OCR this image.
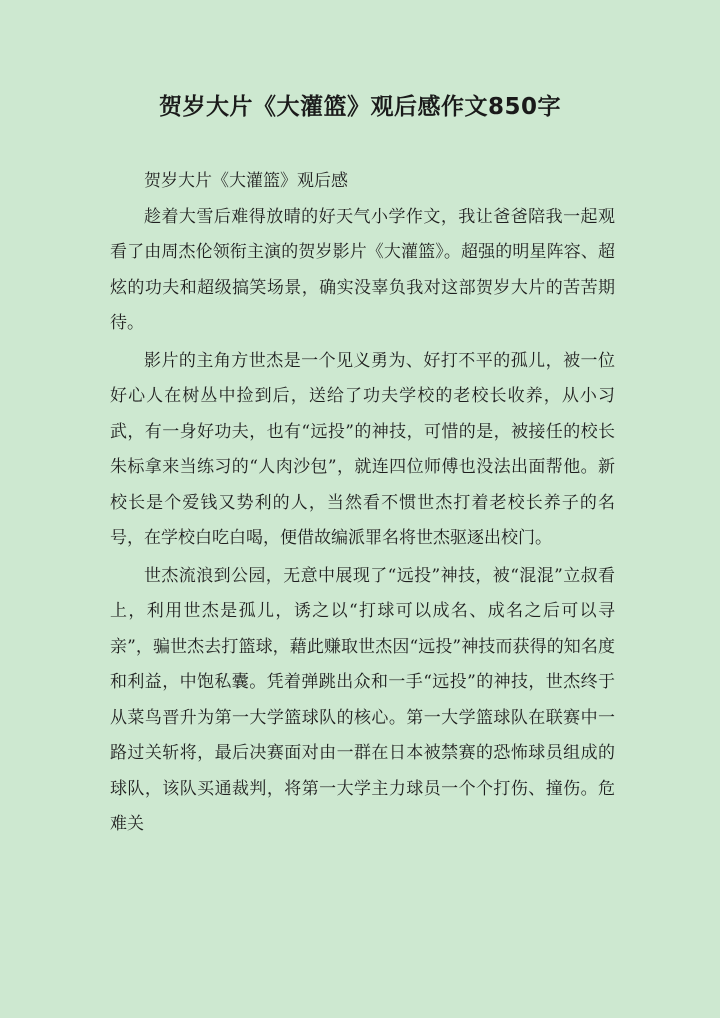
贺岁大片《大灌篮》观后感作文850字

贺岁大片《大灌篮》观后感

趁着大雪后难得放晴的好天气小学作文，我让爸爸陪我一起观看了由周杰伦领衔主演的贺岁影片《大灌篮》。超强的明星阵容、超炫的功夫和超级搞笑场景，确实没辜负我对这部贺岁大片的苦苦期待。

影片的主角方世杰是一个见义勇为、好打不平的孤儿，被一位好心人在树丛中捡到后，送给了功夫学校的老校长收养，从小习武，有一身好功夫，也有“远投”的神技，可惜的是，被接任的校长朱标拿来当练习的“人肉沙包”，就连四位师傅也没法出面帮他。新校长是个爱钱又势利的人，当然看不惯世杰打着老校长养子的名号，在学校白吃白喝，便借故编派罪名将世杰驱逐出校门。

世杰流浪到公园，无意中展现了“远投”神技，被“混混”立叔看上，利用世杰是孤儿，诱之以“打球可以成名、成名之后可以寻亲”，骗世杰去打篮球，藉此赚取世杰因“远投”神技而获得的知名度和利益，中饱私囊。凭着弹跳出众和一手“远投”的神技，世杰终于从菜鸟晋升为第一大学篮球队的核心。第一大学篮球队在联赛中一路过关斩将，最后决赛面对由一群在日本被禁赛的恐怖球员组成的球队，该队买通裁判，将第一大学主力球员一个个打伤、撞伤。危难关
